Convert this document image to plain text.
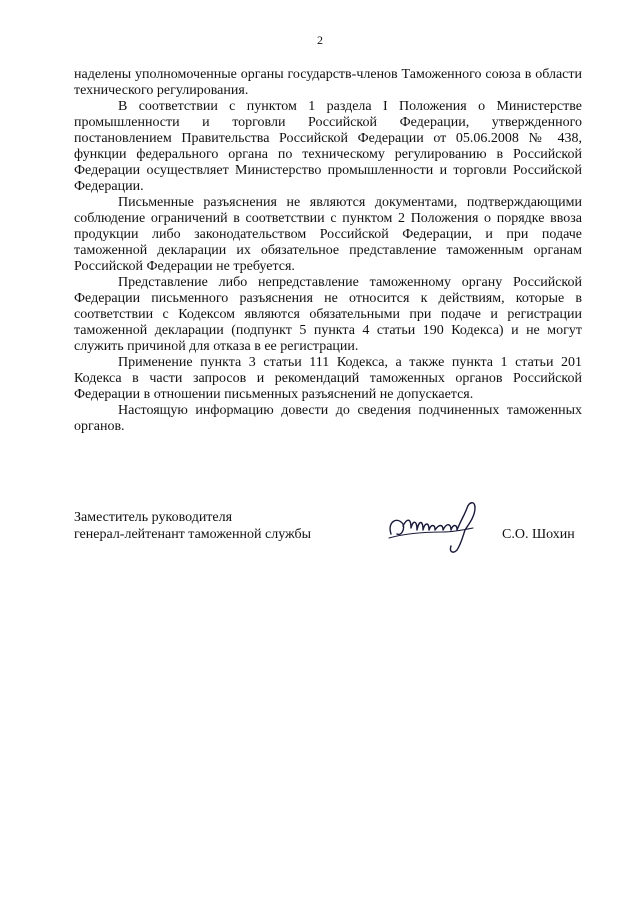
2

наделены уполномоченные органы государств-членов Таможенного союза в области технического регулирования.

В соответствии с пунктом 1 раздела I Положения о Министерстве промышленности и торговли Российской Федерации, утвержденного постановлением Правительства Российской Федерации от 05.06.2008 № 438, функции федерального органа по техническому регулированию в Российской Федерации осуществляет Министерство промышленности и торговли Российской Федерации.

Письменные разъяснения не являются документами, подтверждающими соблюдение ограничений в соответствии с пунктом 2 Положения о порядке ввоза продукции либо законодательством Российской Федерации, и при подаче таможенной декларации их обязательное представление таможенным органам Российской Федерации не требуется.

Представление либо непредставление таможенному органу Российской Федерации письменного разъяснения не относится к действиям, которые в соответствии с Кодексом являются обязательными при подаче и регистрации таможенной декларации (подпункт 5 пункта 4 статьи 190 Кодекса) и не могут служить причиной для отказа в ее регистрации.

Применение пункта 3 статьи 111 Кодекса, а также пункта 1 статьи 201 Кодекса в части запросов и рекомендаций таможенных органов Российской Федерации в отношении письменных разъяснений не допускается.

Настоящую информацию довести до сведения подчиненных таможенных органов.

Заместитель руководителя
генерал-лейтенант таможенной службы	С.О. Шохин
